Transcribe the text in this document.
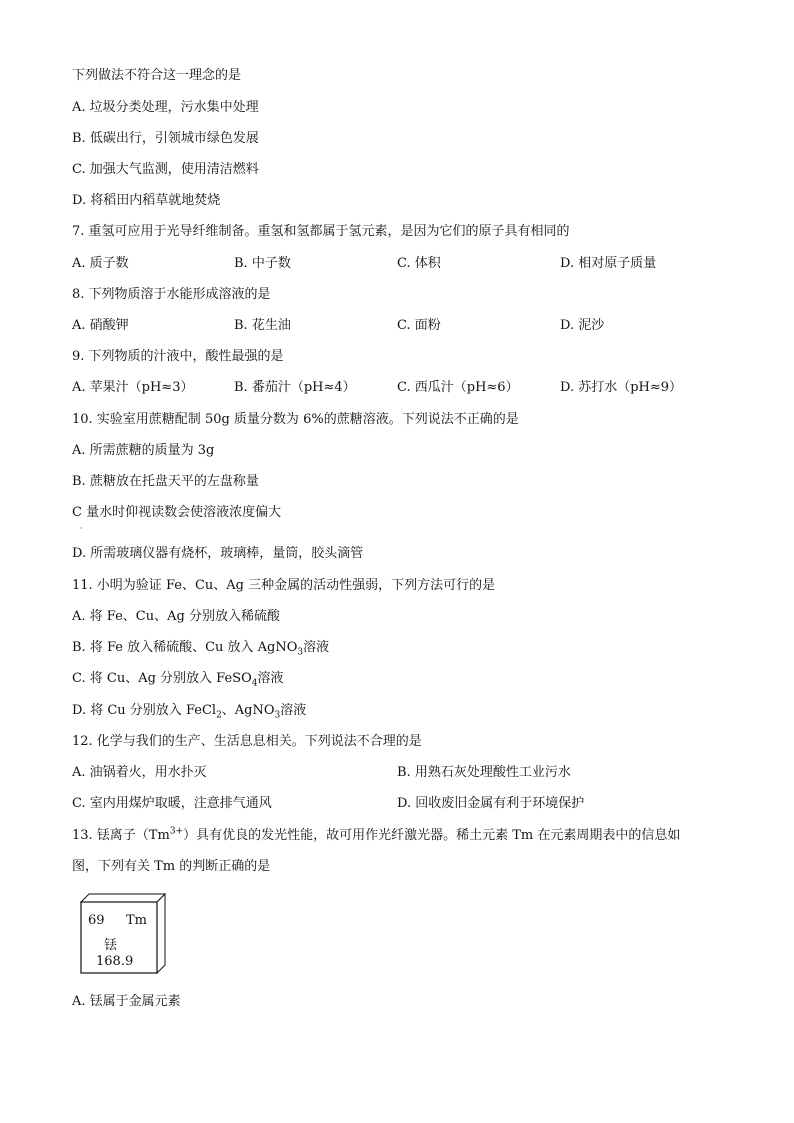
下列做法不符合这一理念的是
A. 垃圾分类处理，污水集中处理
B. 低碳出行，引领城市绿色发展
C. 加强大气监测，使用清洁燃料
D. 将稻田内稻草就地焚烧
7. 重氢可应用于光导纤维制备。重氢和氢都属于氢元素，是因为它们的原子具有相同的
A. 质子数	B. 中子数	C. 体积	D. 相对原子质量
8. 下列物质溶于水能形成溶液的是
A. 硝酸钾	B. 花生油	C. 面粉	D. 泥沙
9. 下列物质的汁液中，酸性最强的是
A. 苹果汁（pH≈3）	B. 番茄汁（pH≈4）	C. 西瓜汁（pH≈6）	D. 苏打水（pH≈9）
10. 实验室用蔗糖配制 50g 质量分数为 6%的蔗糖溶液。下列说法不正确的是
A. 所需蔗糖的质量为 3g
B. 蔗糖放在托盘天平的左盘称量
C 量水时仰视读数会使溶液浓度偏大
·
D. 所需玻璃仪器有烧杯，玻璃棒，量筒，胶头滴管
11. 小明为验证 Fe、Cu、Ag 三种金属的活动性强弱，下列方法可行的是
A. 将 Fe、Cu、Ag 分别放入稀硫酸
B. 将 Fe 放入稀硫酸、Cu 放入 AgNO$_3$溶液
C. 将 Cu、Ag 分别放入 FeSO$_4$溶液
D. 将 Cu 分别放入 FeCl$_2$、AgNO$_3$溶液
12. 化学与我们的生产、生活息息相关。下列说法不合理的是
A. 油锅着火，用水扑灭	B. 用熟石灰处理酸性工业污水
C. 室内用煤炉取暖，注意排气通风	D. 回收废旧金属有利于环境保护
13. 铥离子$(Tm^{3+})$具有优良的发光性能，故可用作光纤激光器。稀土元素 Tm 在元素周期表中的信息如
图，下列有关 Tm 的判断正确的是
69 Tm
铥
168.9
A. 铥属于金属元素
